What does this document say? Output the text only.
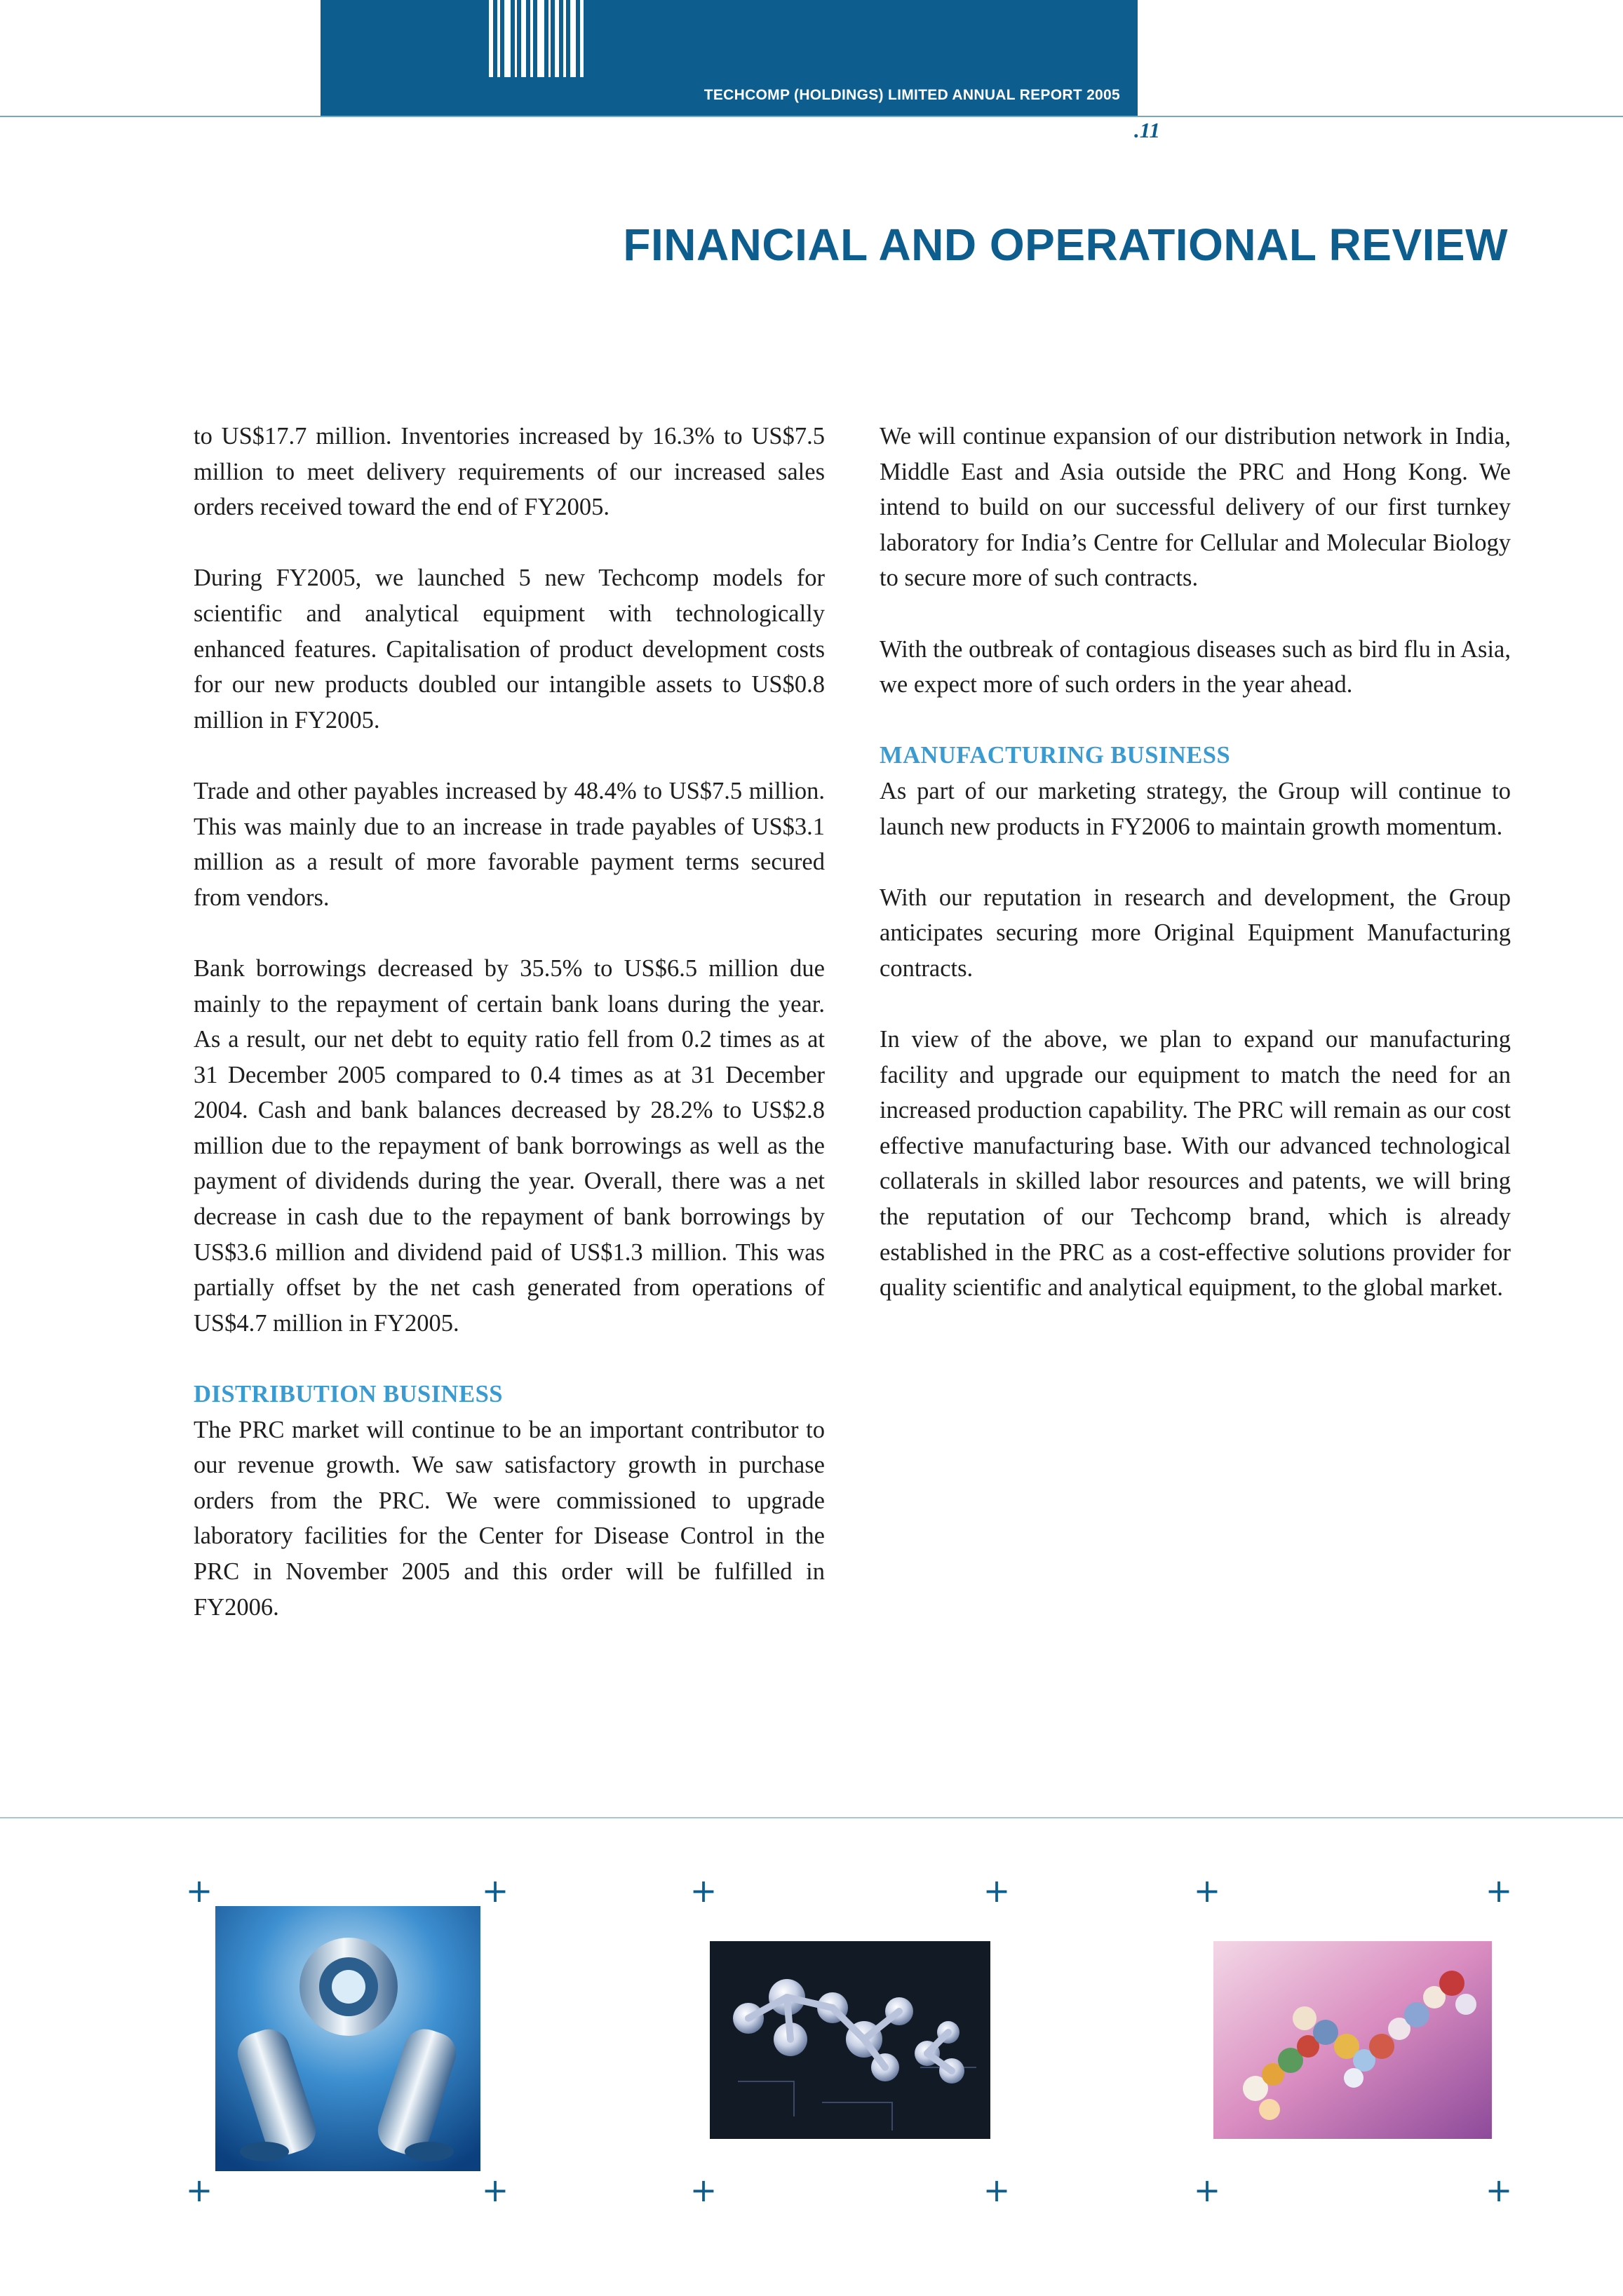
TECHCOMP (HOLDINGS) LIMITED ANNUAL REPORT 2005
.11
FINANCIAL AND OPERATIONAL REVIEW

to US$17.7 million. Inventories increased by 16.3% to US$7.5 million to meet delivery requirements of our increased sales orders received toward the end of FY2005.

During FY2005, we launched 5 new Techcomp models for scientific and analytical equipment with technologically enhanced features. Capitalisation of product development costs for our new products doubled our intangible assets to US$0.8 million in FY2005.

Trade and other payables increased by 48.4% to US$7.5 million. This was mainly due to an increase in trade payables of US$3.1 million as a result of more favorable payment terms secured from vendors.

Bank borrowings decreased by 35.5% to US$6.5 million due mainly to the repayment of certain bank loans during the year. As a result, our net debt to equity ratio fell from 0.2 times as at 31 December 2005 compared to 0.4 times as at 31 December 2004. Cash and bank balances decreased by 28.2% to US$2.8 million due to the repayment of bank borrowings as well as the payment of dividends during the year. Overall, there was a net decrease in cash due to the repayment of bank borrowings by US$3.6 million and dividend paid of US$1.3 million. This was partially offset by the net cash generated from operations of US$4.7 million in FY2005.

DISTRIBUTION BUSINESS

The PRC market will continue to be an important contributor to our revenue growth. We saw satisfactory growth in purchase orders from the PRC. We were commissioned to upgrade laboratory facilities for the Center for Disease Control in the PRC in November 2005 and this order will be fulfilled in FY2006.

We will continue expansion of our distribution network in India, Middle East and Asia outside the PRC and Hong Kong. We intend to build on our successful delivery of our first turnkey laboratory for India’s Centre for Cellular and Molecular Biology to secure more of such contracts.

With the outbreak of contagious diseases such as bird flu in Asia, we expect more of such orders in the year ahead.

MANUFACTURING BUSINESS

As part of our marketing strategy, the Group will continue to launch new products in FY2006 to maintain growth momentum.

With our reputation in research and development, the Group anticipates securing more Original Equipment Manufacturing contracts.

In view of the above, we plan to expand our manufacturing facility and upgrade our equipment to match the need for an increased production capability. The PRC will remain as our cost effective manufacturing base. With our advanced technological collaterals in skilled labor resources and patents, we will bring the reputation of our Techcomp brand, which is already established in the PRC as a cost-effective solutions provider for quality scientific and analytical equipment, to the global market.

+	+	+	+	+	+
+	+	+	+	+	+
